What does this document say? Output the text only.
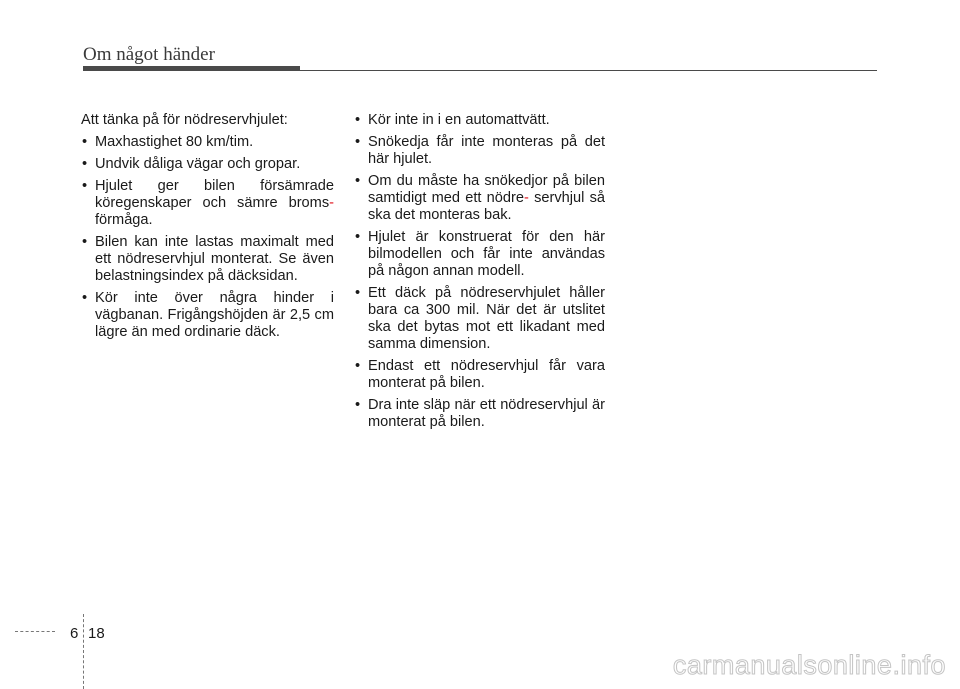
Om något händer

Att tänka på för nödreservhjulet:

• Maxhastighet 80 km/tim.
• Undvik dåliga vägar och gropar.
• Hjulet ger bilen försämrade köregenskaper och sämre broms- förmåga.
• Bilen kan inte lastas maximalt med ett nödreservhjul monterat. Se även belastningsindex på däcksidan.
• Kör inte över några hinder i vägbanan. Frigångshöjden är 2,5 cm lägre än med ordinarie däck.
• Kör inte in i en automattvätt.
• Snökedja får inte monteras på det här hjulet.
• Om du måste ha snökedjor på bilen samtidigt med ett nödre- servhjul så ska det monteras bak.
• Hjulet är konstruerat för den här bilmodellen och får inte användas på någon annan modell.
• Ett däck på nödreservhjulet håller bara ca 300 mil. När det är utslitet ska det bytas mot ett likadant med samma dimension.
• Endast ett nödreservhjul får vara monterat på bilen.
• Dra inte släp när ett nödreservhjul är monterat på bilen.
6 18
carmanualsonline.info
